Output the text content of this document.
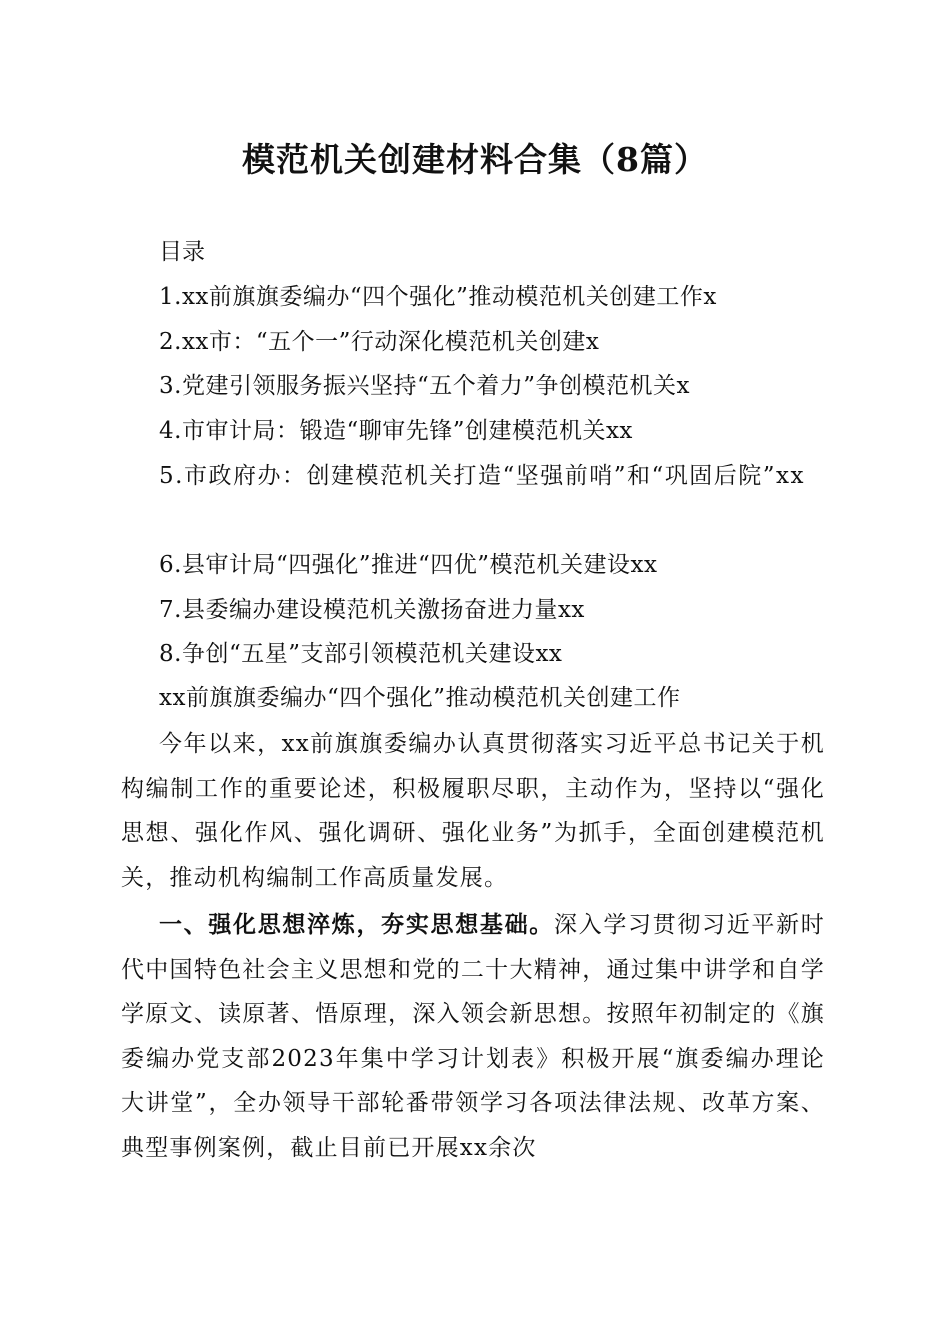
模范机关创建材料合集（8篇）
目录
1.xx前旗旗委编办“四个强化”推动模范机关创建工作x
2.xx市：“五个一”行动深化模范机关创建x
3.党建引领服务振兴坚持“五个着力”争创模范机关x
4.市审计局：锻造“聊审先锋”创建模范机关xx
5.市政府办：创建模范机关打造“坚强前哨”和“巩固后院”xx
6.县审计局“四强化”推进“四优”模范机关建设xx
7.县委编办建设模范机关激扬奋进力量xx
8.争创“五星”支部引领模范机关建设xx
xx前旗旗委编办“四个强化”推动模范机关创建工作
今年以来，xx前旗旗委编办认真贯彻落实习近平总书记关于机构编制工作的重要论述，积极履职尽职，主动作为，坚持以“强化思想、强化作风、强化调研、强化业务”为抓手，全面创建模范机关，推动机构编制工作高质量发展。
一、强化思想淬炼，夯实思想基础。深入学习贯彻习近平新时代中国特色社会主义思想和党的二十大精神，通过集中讲学和自学学原文、读原著、悟原理，深入领会新思想。按照年初制定的《旗委编办党支部2023年集中学习计划表》积极开展“旗委编办理论大讲堂”，全办领导干部轮番带领学习各项法律法规、改革方案、典型事例案例，截止目前已开展xx余次
